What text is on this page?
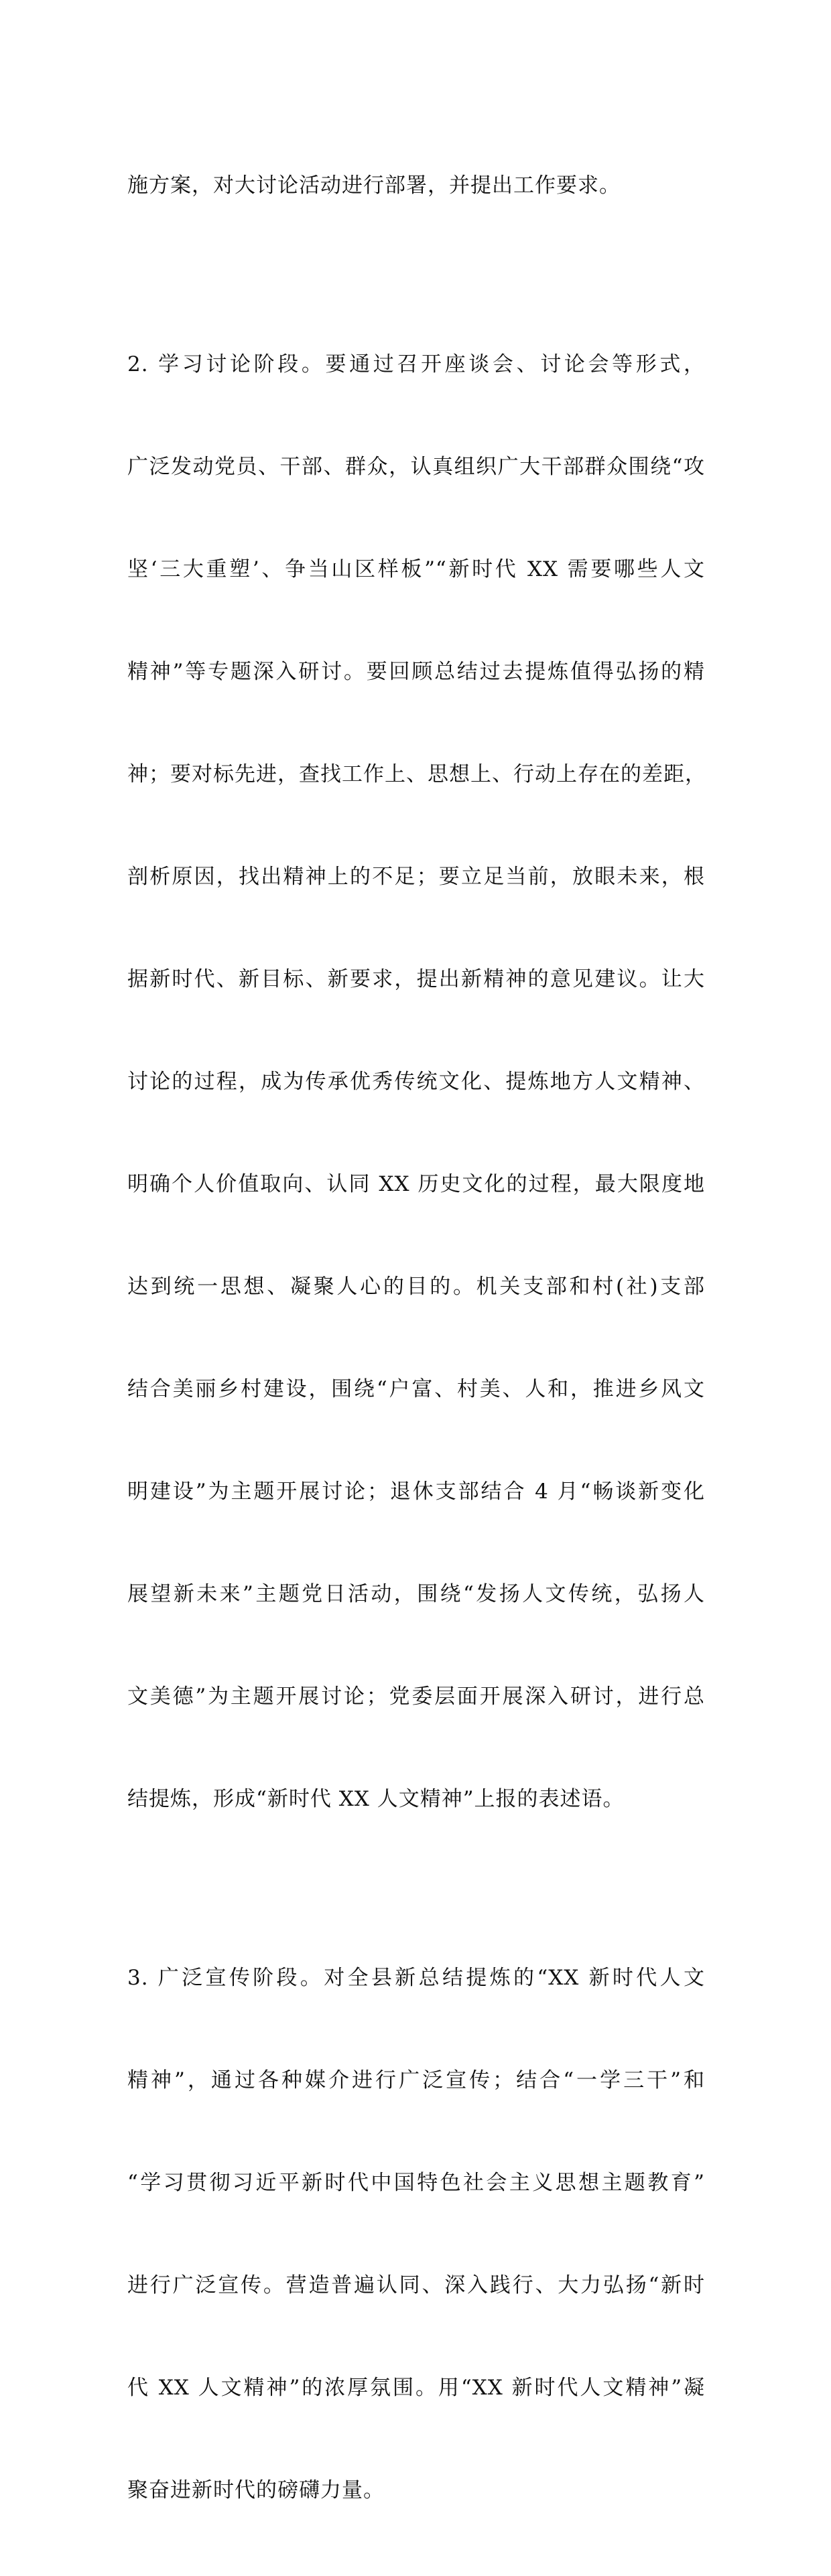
施方案，对大讨论活动进行部署，并提出工作要求。

2. 学习讨论阶段。要通过召开座谈会、讨论会等形式，

广泛发动党员、干部、群众，认真组织广大干部群众围绕“攻

坚‘三大重塑’、争当山区样板”“新时代 XX 需要哪些人文

精神”等专题深入研讨。要回顾总结过去提炼值得弘扬的精

神；要对标先进，查找工作上、思想上、行动上存在的差距，

剖析原因，找出精神上的不足；要立足当前，放眼未来，根

据新时代、新目标、新要求，提出新精神的意见建议。让大

讨论的过程，成为传承优秀传统文化、提炼地方人文精神、

明确个人价值取向、认同 XX 历史文化的过程，最大限度地

达到统一思想、凝聚人心的目的。机关支部和村(社)支部

结合美丽乡村建设，围绕“户富、村美、人和，推进乡风文

明建设”为主题开展讨论；退休支部结合 4 月“畅谈新变化

展望新未来”主题党日活动，围绕“发扬人文传统，弘扬人

文美德”为主题开展讨论；党委层面开展深入研讨，进行总

结提炼，形成“新时代 XX 人文精神”上报的表述语。

3. 广泛宣传阶段。对全县新总结提炼的“XX 新时代人文

精神”，通过各种媒介进行广泛宣传；结合“一学三干”和

“学习贯彻习近平新时代中国特色社会主义思想主题教育”

进行广泛宣传。营造普遍认同、深入践行、大力弘扬“新时

代 XX 人文精神”的浓厚氛围。用“XX 新时代人文精神”凝

聚奋进新时代的磅礴力量。
